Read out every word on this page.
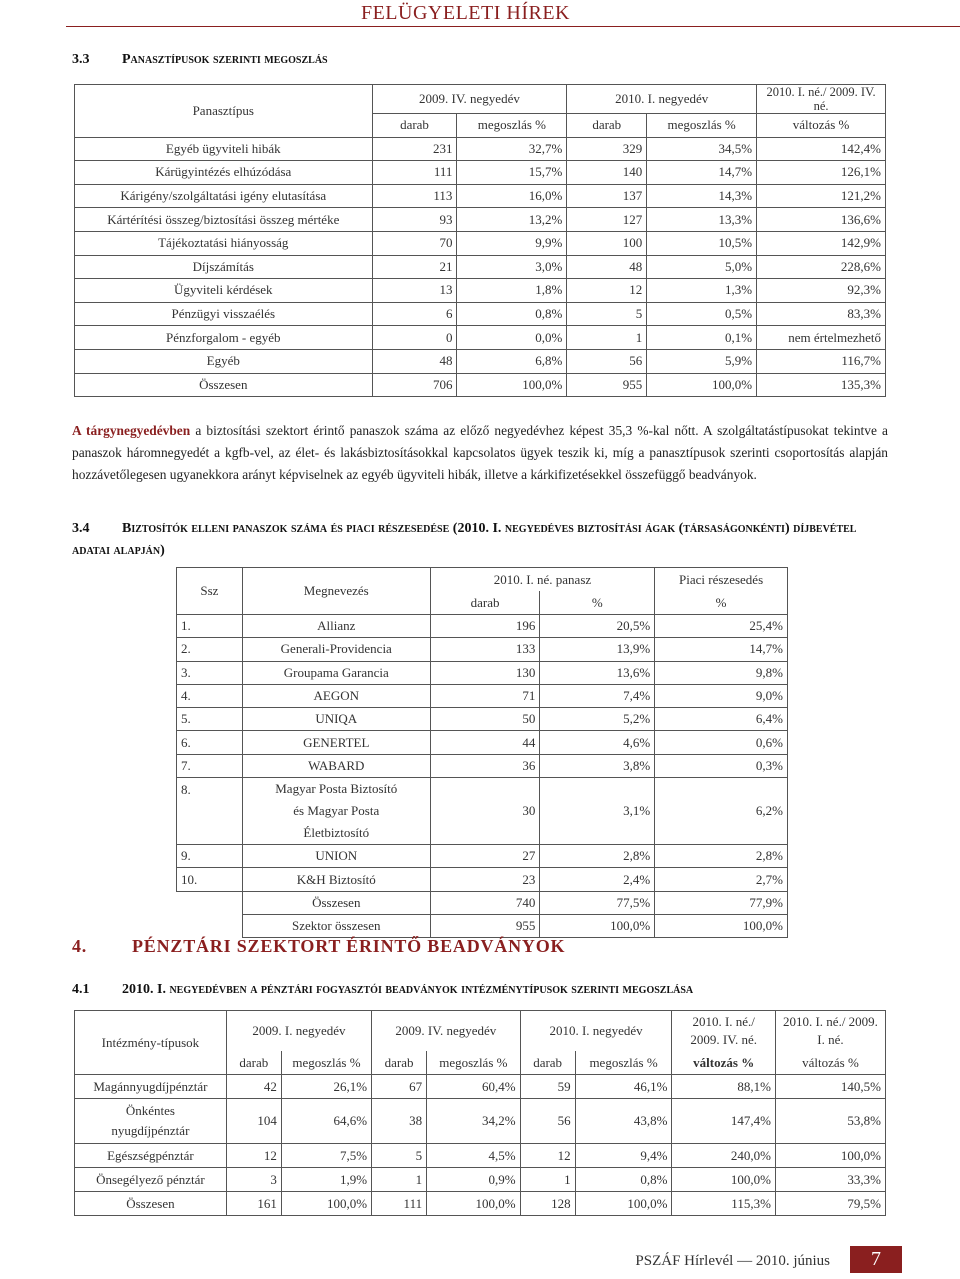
FELÜGYELETI HÍREK
3.3 Panasztípusok szerinti megoszlás
Panasztípus	2009. IV. negyedév		2010. I. negyedév		2010. I. né./ 2009. IV. né.
	darab	megoszlás %	darab	megoszlás %	változás %
Egyéb ügyviteli hibák	231	32,7%	329	34,5%	142,4%
Kárügyintézés elhúzódása	111	15,7%	140	14,7%	126,1%
Kárigény/szolgáltatási igény elutasítása	113	16,0%	137	14,3%	121,2%
Kártérítési összeg/biztosítási összeg mértéke	93	13,2%	127	13,3%	136,6%
Tájékoztatási hiányosság	70	9,9%	100	10,5%	142,9%
Díjszámítás	21	3,0%	48	5,0%	228,6%
Ügyviteli kérdések	13	1,8%	12	1,3%	92,3%
Pénzügyi visszaélés	6	0,8%	5	0,5%	83,3%
Pénzforgalom - egyéb	0	0,0%	1	0,1%	nem értelmezhető
Egyéb	48	6,8%	56	5,9%	116,7%
Összesen	706	100,0%	955	100,0%	135,3%
A tárgynegyedévben a biztosítási szektort érintő panaszok száma az előző negyedévhez képest 35,3 %-kal nőtt. A szolgáltatástípusokat tekintve a panaszok háromnegyedét a kgfb-vel, az élet- és lakásbiztosításokkal kapcsolatos ügyek teszik ki, míg a panasztípusok szerinti csoportosítás alapján hozzávetőlegesen ugyanekkora arányt képviselnek az egyéb ügyviteli hibák, illetve a kárkifizetésekkel összefüggő beadványok.
3.4 Biztosítók elleni panaszok száma és piaci részesedése (2010. I. negyedéves biztosítási ágak (társaságonkénti) díjbevétel adatai alapján)
Ssz	Megnevezés	2010. I. né. panasz		Piaci részesedés
		darab	%	%
1.	Allianz	196	20,5%	25,4%
2.	Generali-Providencia	133	13,9%	14,7%
3.	Groupama Garancia	130	13,6%	9,8%
4.	AEGON	71	7,4%	9,0%
5.	UNIQA	50	5,2%	6,4%
6.	GENERTEL	44	4,6%	0,6%
7.	WABARD	36	3,8%	0,3%
8.	Magyar Posta Biztosító és Magyar Posta Életbiztosító	30	3,1%	6,2%
9.	UNION	27	2,8%	2,8%
10.	K&H Biztosító	23	2,4%	2,7%
	Összesen	740	77,5%	77,9%
	Szektor összesen	955	100,0%	100,0%
4. PÉNZTÁRI SZEKTORT ÉRINTŐ BEADVÁNYOK
4.1 2010. I. negyedévben a pénztári fogyasztói beadványok intézménytípusok szerinti megoszlása
Intézmény-típusok	2009. I. negyedév		2009. IV. negyedév		2010. I. negyedév		2010. I. né./ 2009. IV. né.	2010. I. né./ 2009. I. né.
	darab	megoszlás %	darab	megoszlás %	darab	megoszlás %	változás %	változás %
Magánnyugdíjpénztár	42	26,1%	67	60,4%	59	46,1%	88,1%	140,5%
Önkéntes nyugdíjpénztár	104	64,6%	38	34,2%	56	43,8%	147,4%	53,8%
Egészségpénztár	12	7,5%	5	4,5%	12	9,4%	240,0%	100,0%
Önsegélyező pénztár	3	1,9%	1	0,9%	1	0,8%	100,0%	33,3%
Összesen	161	100,0%	111	100,0%	128	100,0%	115,3%	79,5%
PSZÁF Hírlevél — 2010. június 7
